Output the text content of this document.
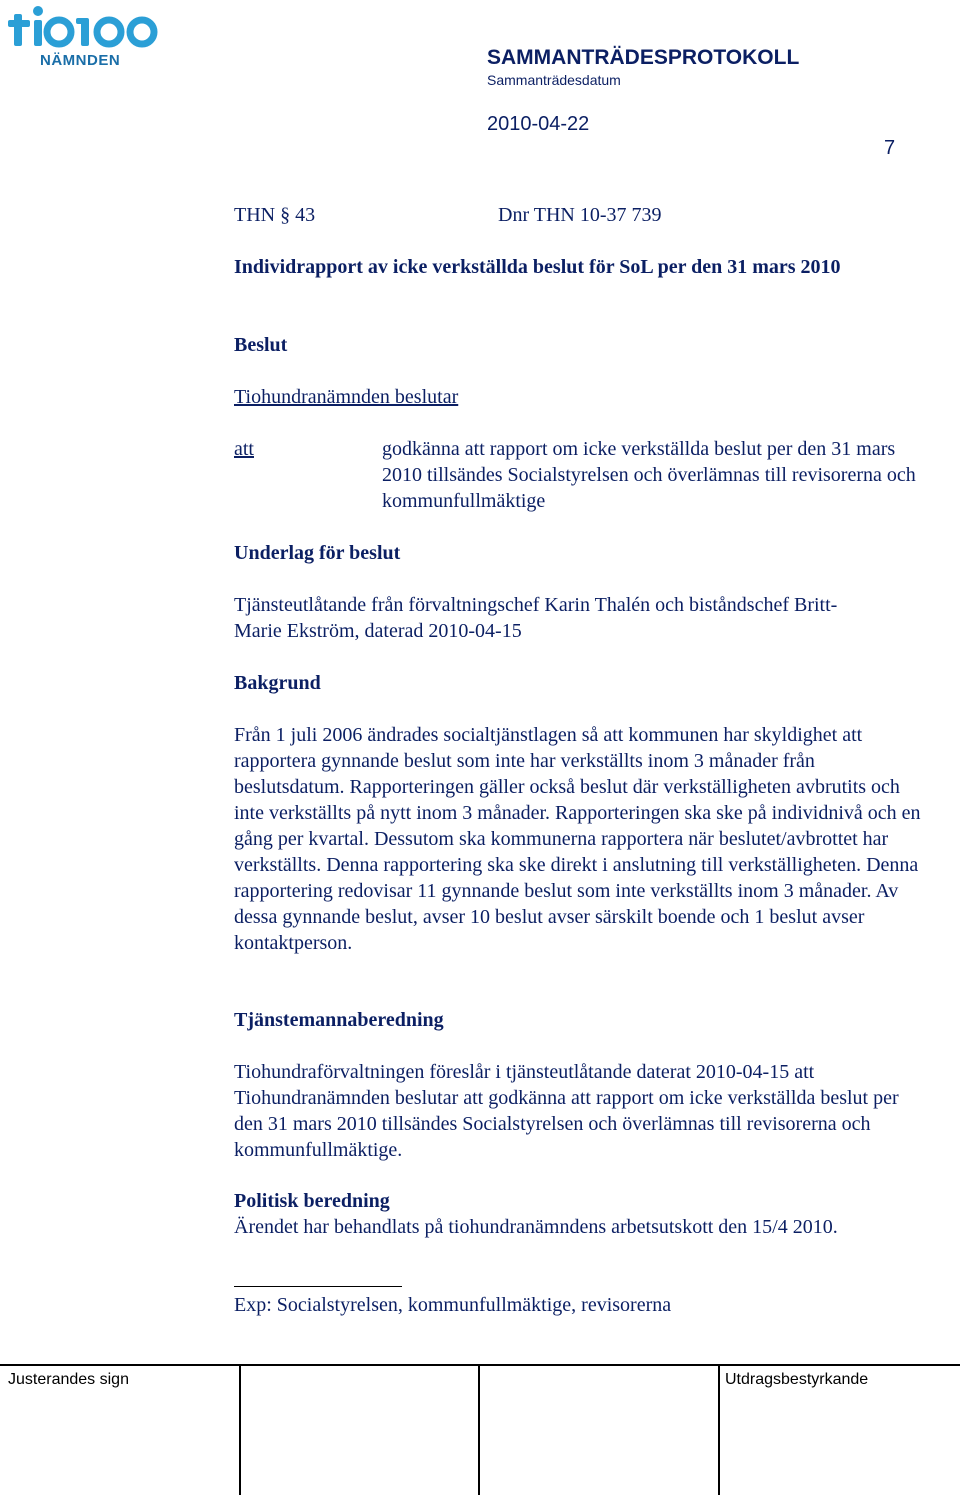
NÄMNDEN	SAMMANTRÄDESPROTOKOLL
Sammanträdesdatum
2010-04-22
7
THN § 43	Dnr THN 10-37 739
Individrapport av icke verkställda beslut för SoL per den 31 mars 2010
Beslut
Tiohundranämnden beslutar
att	godkänna att rapport om icke verkställda beslut per den 31 mars 2010 tillsändes Socialstyrelsen och överlämnas till revisorerna och kommunfullmäktige
Underlag för beslut
Tjänsteutlåtande från förvaltningschef Karin Thalén och biståndschef Britt-Marie Ekström, daterad 2010-04-15
Bakgrund

Från 1 juli 2006 ändrades socialtjänstlagen så att kommunen har skyldighet att rapportera gynnande beslut som inte har verkställts inom 3 månader från beslutsdatum. Rapporteringen gäller också beslut där verkställigheten avbrutits och inte verkställts på nytt inom 3 månader. Rapporteringen ska ske på individnivå och en gång per kvartal. Dessutom ska kommunerna rapportera när beslutet/avbrottet har verkställts. Denna rapportering ska ske direkt i anslutning till verkställigheten. Denna rapportering redovisar 11 gynnande beslut som inte verkställts inom 3 månader. Av dessa gynnande beslut, avser 10 beslut avser särskilt boende och 1 beslut avser kontaktperson.

Tjänstemannaberedning

Tiohundraförvaltningen föreslår i tjänsteutlåtande daterat 2010-04-15 att Tiohundranämnden beslutar att godkänna att rapport om icke verkställda beslut per den 31 mars 2010 tillsändes Socialstyrelsen och överlämnas till revisorerna och kommunfullmäktige.

Politisk beredning

Ärendet har behandlats på tiohundranämndens arbetsutskott den 15/4 2010.

Exp: Socialstyrelsen, kommunfullmäktige, revisorerna
Justerandes sign	Utdragsbestyrkande
